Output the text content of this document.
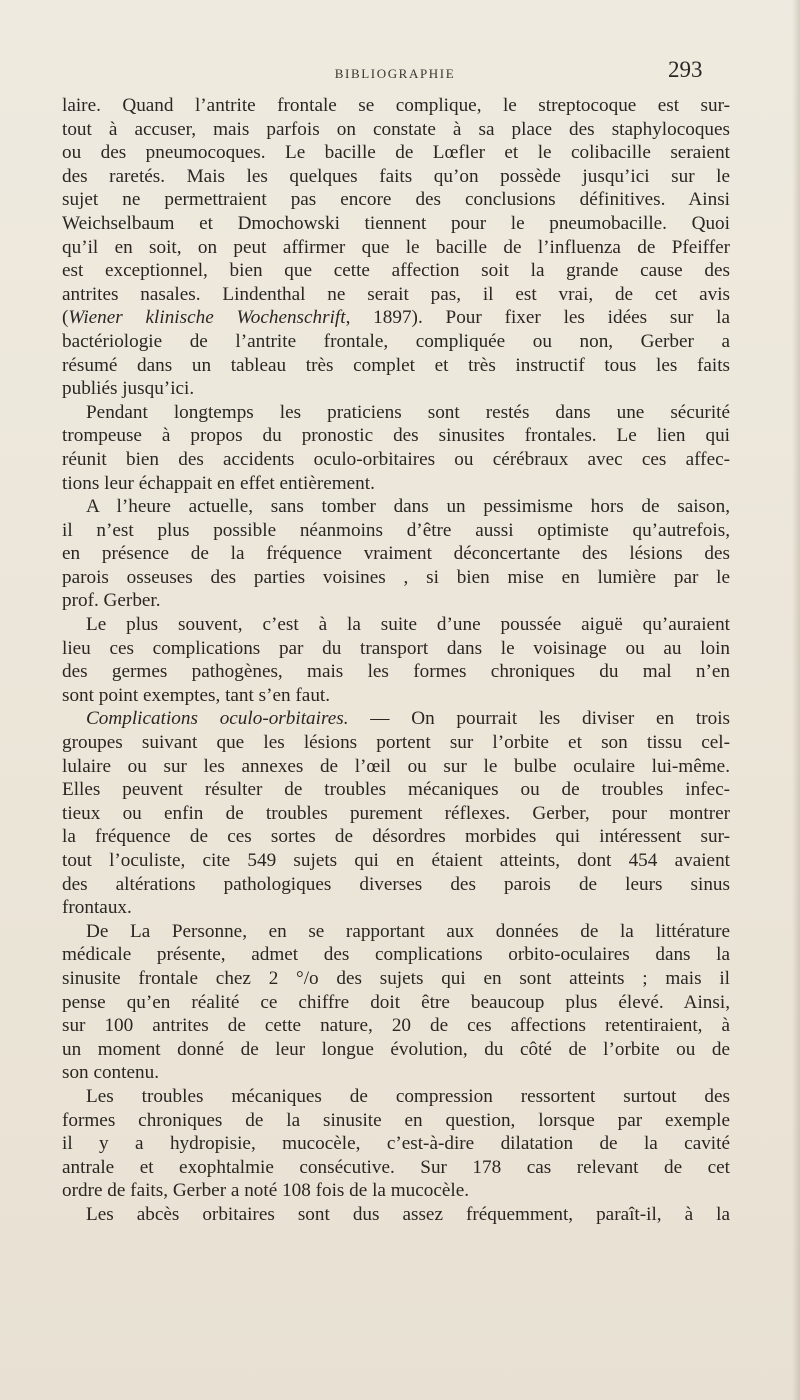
BIBLIOGRAPHIE	293
laire. Quand l’antrite frontale se complique, le streptocoque est sur-
tout à accuser, mais parfois on constate à sa place des staphylocoques
ou des pneumocoques. Le bacille de Lœfler et le colibacille seraient
des raretés. Mais les quelques faits qu’on possède jusqu’ici sur le
sujet ne permettraient pas encore des conclusions définitives. Ainsi
Weichselbaum et Dmochowski tiennent pour le pneumobacille. Quoi
qu’il en soit, on peut affirmer que le bacille de l’influenza de Pfeiffer
est exceptionnel, bien que cette affection soit la grande cause des
antrites nasales. Lindenthal ne serait pas, il est vrai, de cet avis
(Wiener klinische Wochenschrift, 1897). Pour fixer les idées sur la
bactériologie de l’antrite frontale, compliquée ou non, Gerber a
résumé dans un tableau très complet et très instructif tous les faits
publiés jusqu’ici.
Pendant longtemps les praticiens sont restés dans une sécurité
trompeuse à propos du pronostic des sinusites frontales. Le lien qui
réunit bien des accidents oculo-orbitaires ou cérébraux avec ces affec-
tions leur échappait en effet entièrement.
A l’heure actuelle, sans tomber dans un pessimisme hors de saison,
il n’est plus possible néanmoins d’être aussi optimiste qu’autrefois,
en présence de la fréquence vraiment déconcertante des lésions des
parois osseuses des parties voisines , si bien mise en lumière par le
prof. Gerber.
Le plus souvent, c’est à la suite d’une poussée aiguë qu’auraient
lieu ces complications par du transport dans le voisinage ou au loin
des germes pathogènes, mais les formes chroniques du mal n’en
sont point exemptes, tant s’en faut.
Complications oculo-orbitaires. — On pourrait les diviser en trois
groupes suivant que les lésions portent sur l’orbite et son tissu cel-
lulaire ou sur les annexes de l’œil ou sur le bulbe oculaire lui-même.
Elles peuvent résulter de troubles mécaniques ou de troubles infec-
tieux ou enfin de troubles purement réflexes. Gerber, pour montrer
la fréquence de ces sortes de désordres morbides qui intéressent sur-
tout l’oculiste, cite 549 sujets qui en étaient atteints, dont 454 avaient
des altérations pathologiques diverses des parois de leurs sinus
frontaux.
De La Personne, en se rapportant aux données de la littérature
médicale présente, admet des complications orbito-oculaires dans la
sinusite frontale chez 2 °/o des sujets qui en sont atteints ; mais il
pense qu’en réalité ce chiffre doit être beaucoup plus élevé. Ainsi,
sur 100 antrites de cette nature, 20 de ces affections retentiraient, à
un moment donné de leur longue évolution, du côté de l’orbite ou de
son contenu.
Les troubles mécaniques de compression ressortent surtout des
formes chroniques de la sinusite en question, lorsque par exemple
il y a hydropisie, mucocèle, c’est-à-dire dilatation de la cavité
antrale et exophtalmie consécutive. Sur 178 cas relevant de cet
ordre de faits, Gerber a noté 108 fois de la mucocèle.
Les abcès orbitaires sont dus assez fréquemment, paraît-il, à la
